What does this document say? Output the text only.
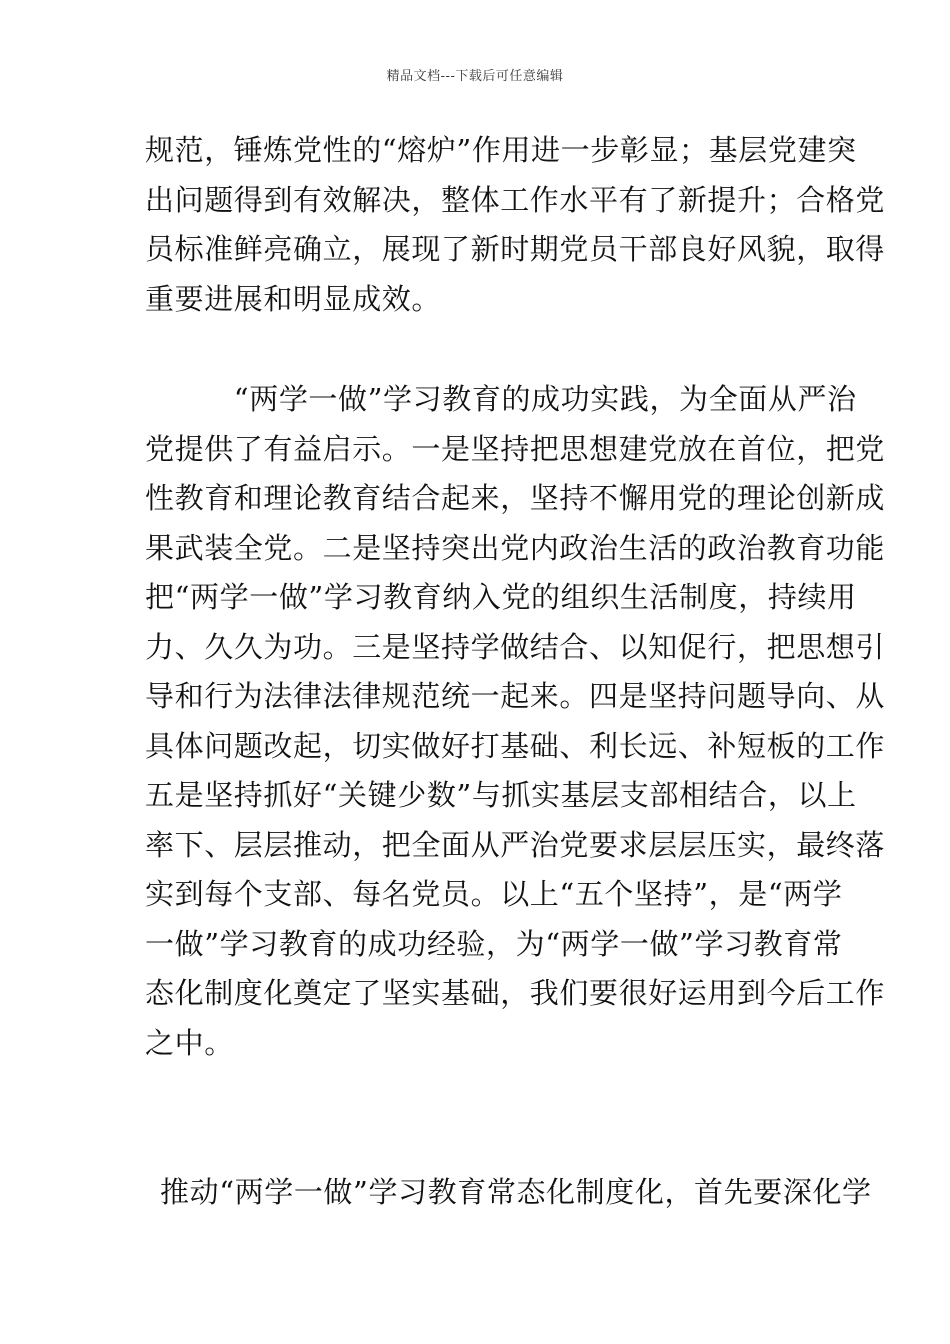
精品文档---下载后可任意编辑
规范，锤炼党性的“熔炉”作用进一步彰显；基层党建突
出问题得到有效解决，整体工作水平有了新提升；合格党
员标准鲜亮确立，展现了新时期党员干部良好风貌，取得
重要进展和明显成效。
　　　“两学一做”学习教育的成功实践，为全面从严治
党提供了有益启示。一是坚持把思想建党放在首位，把党
性教育和理论教育结合起来，坚持不懈用党的理论创新成
果武装全党。二是坚持突出党内政治生活的政治教育功能
把“两学一做”学习教育纳入党的组织生活制度，持续用
力、久久为功。三是坚持学做结合、以知促行，把思想引
导和行为法律法律规范统一起来。四是坚持问题导向、从
具体问题改起，切实做好打基础、利长远、补短板的工作
五是坚持抓好“关键少数”与抓实基层支部相结合，以上
率下、层层推动，把全面从严治党要求层层压实，最终落
实到每个支部、每名党员。以上“五个坚持”，是“两学
一做”学习教育的成功经验，为“两学一做”学习教育常
态化制度化奠定了坚实基础，我们要很好运用到今后工作
之中。
推动“两学一做”学习教育常态化制度化，首先要深化学
